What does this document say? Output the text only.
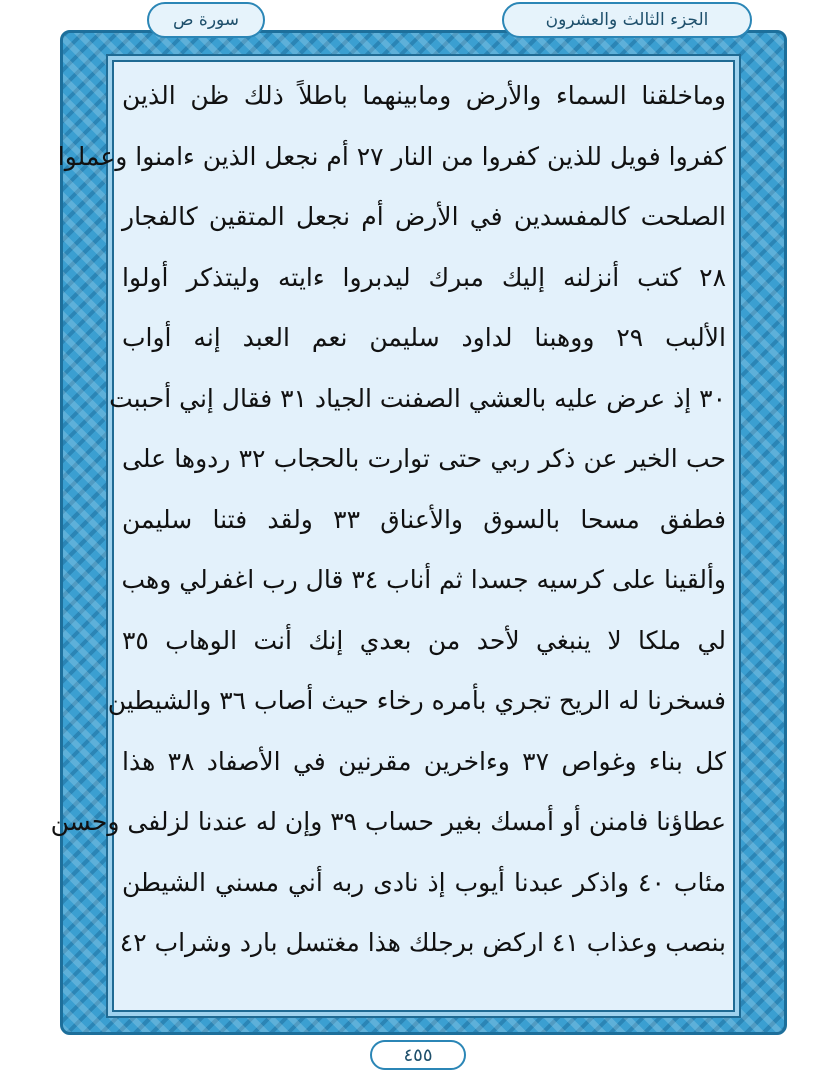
الجزء الثالث والعشرون
سورة ص
وماخلقنا السماء والأرض ومابينهما باطلاً ذلك ظن الذين
كفروا فويل للذين كفروا من النار ٢٧ أم نجعل الذين ءامنوا وعملوا
الصلحت كالمفسدين في الأرض أم نجعل المتقين كالفجار
٢٨ كتب أنزلنه إليك مبرك ليدبروا ءايته وليتذكر أولوا
الألبب ٢٩ ووهبنا لداود سليمن نعم العبد إنه أواب
٣٠ إذ عرض عليه بالعشي الصفنت الجياد ٣١ فقال إني أحببت
حب الخير عن ذكر ربي حتى توارت بالحجاب ٣٢ ردوها على
فطفق مسحا بالسوق والأعناق ٣٣ ولقد فتنا سليمن
وألقينا على كرسيه جسدا ثم أناب ٣٤ قال رب اغفرلي وهب
لي ملكا لا ينبغي لأحد من بعدي إنك أنت الوهاب ٣٥
فسخرنا له الريح تجري بأمره رخاء حيث أصاب ٣٦ والشيطين
كل بناء وغواص ٣٧ وءاخرين مقرنين في الأصفاد ٣٨ هذا
عطاؤنا فامنن أو أمسك بغير حساب ٣٩ وإن له عندنا لزلفى وحسن
مئاب ٤٠ واذكر عبدنا أيوب إذ نادى ربه أني مسني الشيطن
بنصب وعذاب ٤١ اركض برجلك هذا مغتسل بارد وشراب ٤٢
٤٥٥
